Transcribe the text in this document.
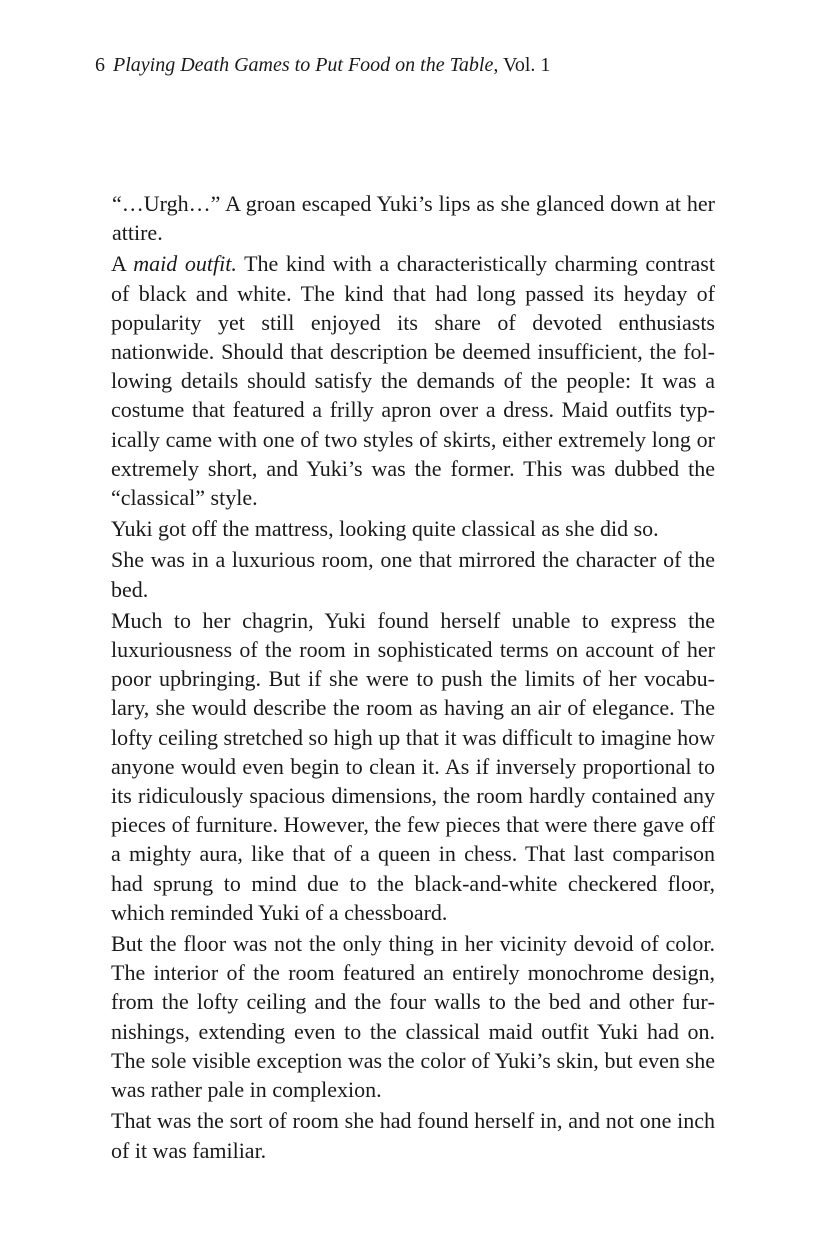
6 Playing Death Games to Put Food on the Table, Vol. 1

“…Urgh…” A groan escaped Yuki’s lips as she glanced down at her attire.

A maid outfit. The kind with a characteristically charming contrast of black and white. The kind that had long passed its heyday of popularity yet still enjoyed its share of devoted enthusiasts nationwide. Should that description be deemed insufficient, the following details should satisfy the demands of the people: It was a costume that featured a frilly apron over a dress. Maid outfits typically came with one of two styles of skirts, either extremely long or extremely short, and Yuki’s was the former. This was dubbed the “classical” style.

Yuki got off the mattress, looking quite classical as she did so.

She was in a luxurious room, one that mirrored the character of the bed.

Much to her chagrin, Yuki found herself unable to express the luxuriousness of the room in sophisticated terms on account of her poor upbringing. But if she were to push the limits of her vocabulary, she would describe the room as having an air of elegance. The lofty ceiling stretched so high up that it was difficult to imagine how anyone would even begin to clean it. As if inversely proportional to its ridiculously spacious dimensions, the room hardly contained any pieces of furniture. However, the few pieces that were there gave off a mighty aura, like that of a queen in chess. That last comparison had sprung to mind due to the black-and-white checkered floor, which reminded Yuki of a chessboard.

But the floor was not the only thing in her vicinity devoid of color. The interior of the room featured an entirely monochrome design, from the lofty ceiling and the four walls to the bed and other furnishings, extending even to the classical maid outfit Yuki had on. The sole visible exception was the color of Yuki’s skin, but even she was rather pale in complexion.

That was the sort of room she had found herself in, and not one inch of it was familiar.
